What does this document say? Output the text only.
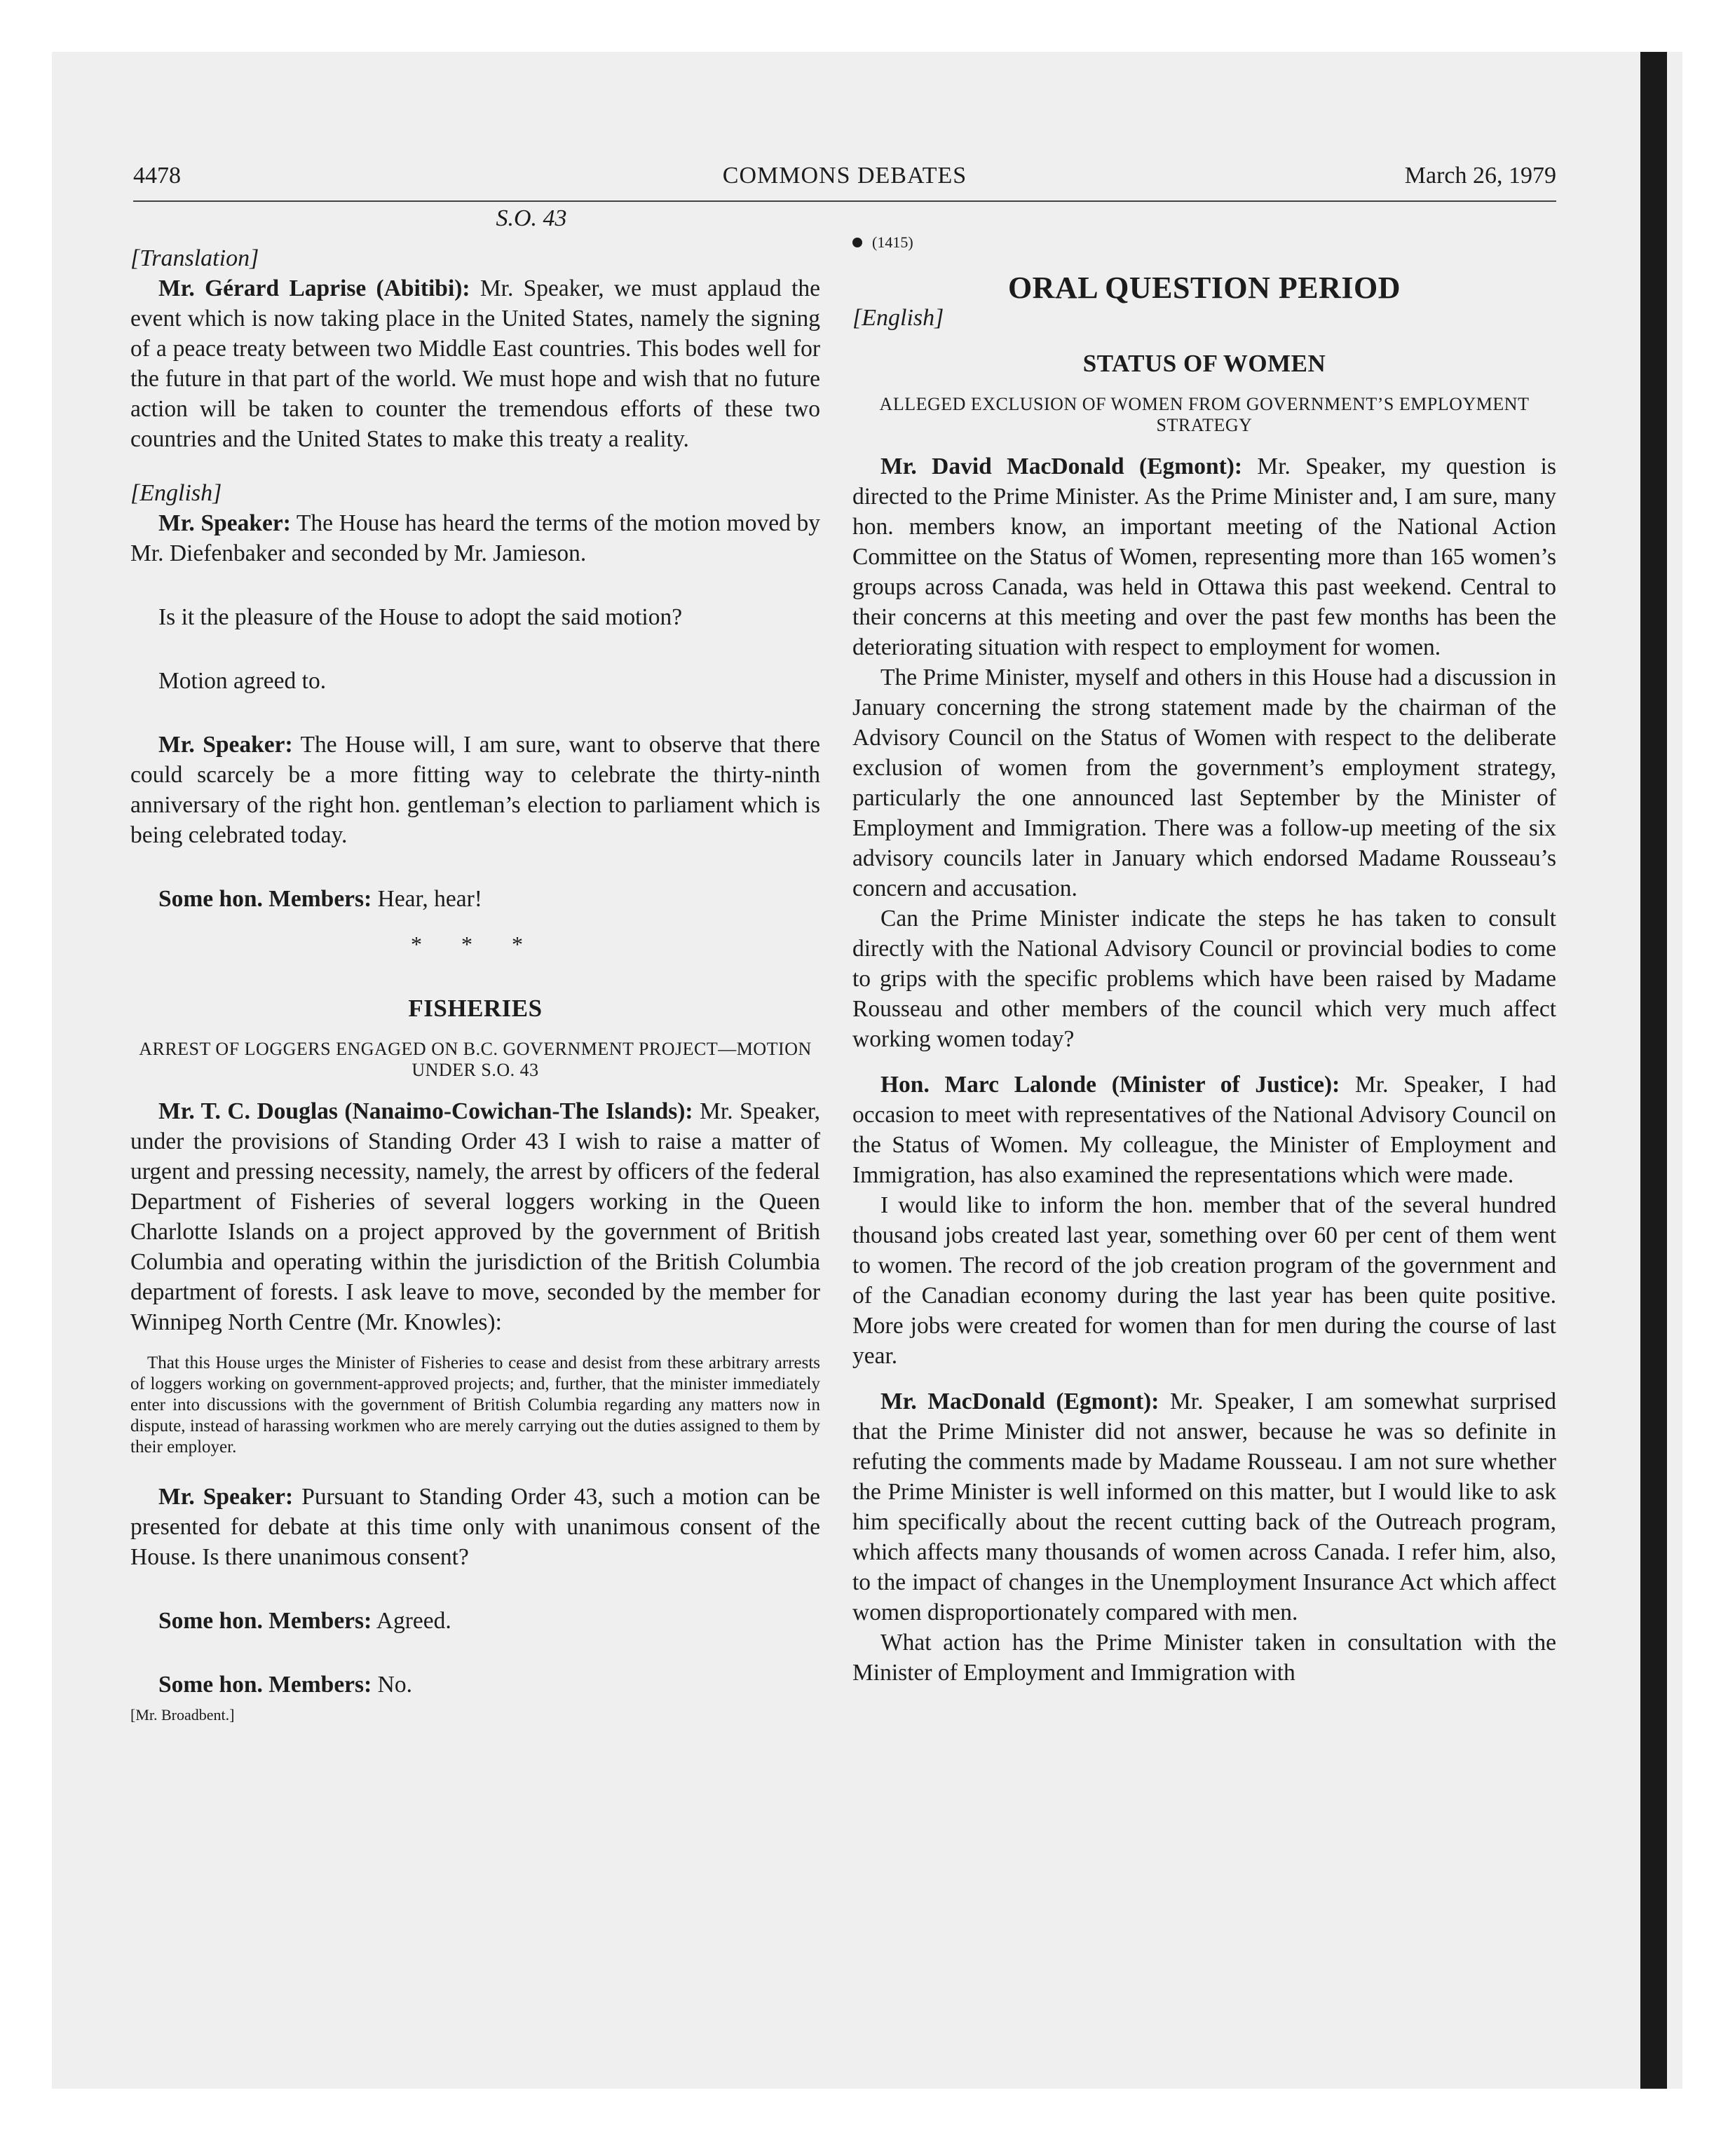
4478	COMMONS DEBATES	March 26, 1979
S.O. 43
[Translation]

Mr. Gérard Laprise (Abitibi): Mr. Speaker, we must applaud the event which is now taking place in the United States, namely the signing of a peace treaty between two Middle East countries. This bodes well for the future in that part of the world. We must hope and wish that no future action will be taken to counter the tremendous efforts of these two countries and the United States to make this treaty a reality.

[English]

Mr. Speaker: The House has heard the terms of the motion moved by Mr. Diefenbaker and seconded by Mr. Jamieson.

Is it the pleasure of the House to adopt the said motion?

Motion agreed to.

Mr. Speaker: The House will, I am sure, want to observe that there could scarcely be a more fitting way to celebrate the thirty-ninth anniversary of the right hon. gentleman’s election to parliament which is being celebrated today.

Some hon. Members: Hear, hear!

* * *
FISHERIES
ARREST OF LOGGERS ENGAGED ON B.C. GOVERNMENT PROJECT—MOTION UNDER S.O. 43

Mr. T. C. Douglas (Nanaimo-Cowichan-The Islands): Mr. Speaker, under the provisions of Standing Order 43 I wish to raise a matter of urgent and pressing necessity, namely, the arrest by officers of the federal Department of Fisheries of several loggers working in the Queen Charlotte Islands on a project approved by the government of British Columbia and operating within the jurisdiction of the British Columbia department of forests. I ask leave to move, seconded by the member for Winnipeg North Centre (Mr. Knowles):

That this House urges the Minister of Fisheries to cease and desist from these arbitrary arrests of loggers working on government-approved projects; and, further, that the minister immediately enter into discussions with the government of British Columbia regarding any matters now in dispute, instead of harassing workmen who are merely carrying out the duties assigned to them by their employer.

Mr. Speaker: Pursuant to Standing Order 43, such a motion can be presented for debate at this time only with unanimous consent of the House. Is there unanimous consent?

Some hon. Members: Agreed.

Some hon. Members: No.

[Mr. Broadbent.]
(1415)
ORAL QUESTION PERIOD
[English]
STATUS OF WOMEN
ALLEGED EXCLUSION OF WOMEN FROM GOVERNMENT’S EMPLOYMENT STRATEGY

Mr. David MacDonald (Egmont): Mr. Speaker, my question is directed to the Prime Minister. As the Prime Minister and, I am sure, many hon. members know, an important meeting of the National Action Committee on the Status of Women, representing more than 165 women’s groups across Canada, was held in Ottawa this past weekend. Central to their concerns at this meeting and over the past few months has been the deteriorating situation with respect to employment for women.

The Prime Minister, myself and others in this House had a discussion in January concerning the strong statement made by the chairman of the Advisory Council on the Status of Women with respect to the deliberate exclusion of women from the government’s employment strategy, particularly the one announced last September by the Minister of Employment and Immigration. There was a follow-up meeting of the six advisory councils later in January which endorsed Madame Rousseau’s concern and accusation.

Can the Prime Minister indicate the steps he has taken to consult directly with the National Advisory Council or provincial bodies to come to grips with the specific problems which have been raised by Madame Rousseau and other members of the council which very much affect working women today?

Hon. Marc Lalonde (Minister of Justice): Mr. Speaker, I had occasion to meet with representatives of the National Advisory Council on the Status of Women. My colleague, the Minister of Employment and Immigration, has also examined the representations which were made.

I would like to inform the hon. member that of the several hundred thousand jobs created last year, something over 60 per cent of them went to women. The record of the job creation program of the government and of the Canadian economy during the last year has been quite positive. More jobs were created for women than for men during the course of last year.

Mr. MacDonald (Egmont): Mr. Speaker, I am somewhat surprised that the Prime Minister did not answer, because he was so definite in refuting the comments made by Madame Rousseau. I am not sure whether the Prime Minister is well informed on this matter, but I would like to ask him specifically about the recent cutting back of the Outreach program, which affects many thousands of women across Canada. I refer him, also, to the impact of changes in the Unemployment Insurance Act which affect women disproportionately compared with men.

What action has the Prime Minister taken in consultation with the Minister of Employment and Immigration with
